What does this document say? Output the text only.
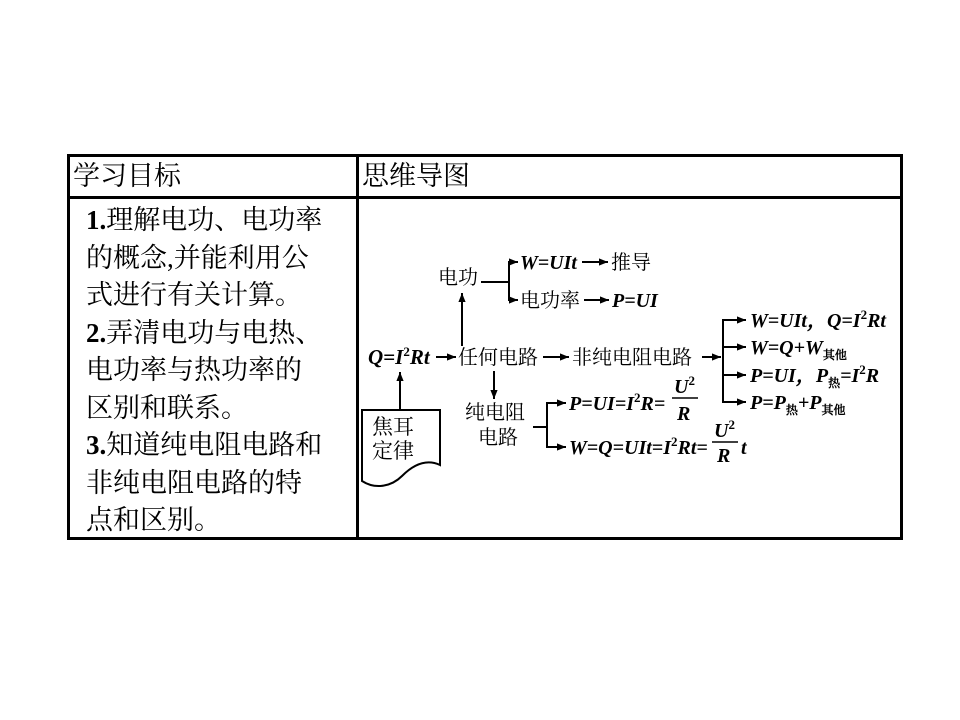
学习目标	思维导图
1.理解电功、电功率
的概念,并能利用公
式进行有关计算。
2.弄清电功与电热、
电功率与热功率的
区别和联系。
3.知道纯电阻电路和
非纯电阻电路的特
点和区别。
焦耳
定律
电功
W=UIt 推导
电功率 P=UI
$Q=I^2Rt$ 任何电路 非纯电阻电路
W=UIt，$Q=I^2Rt$
$W=Q+W_{其他}$
P=UI，$P_热=I^2R$
$P=P_热+P_{其他}$
纯电阻
电路
$P=UI=I^2R=$
$U^2$
R
$W=Q=UIt=I^2Rt=$
$U^2$
R t
